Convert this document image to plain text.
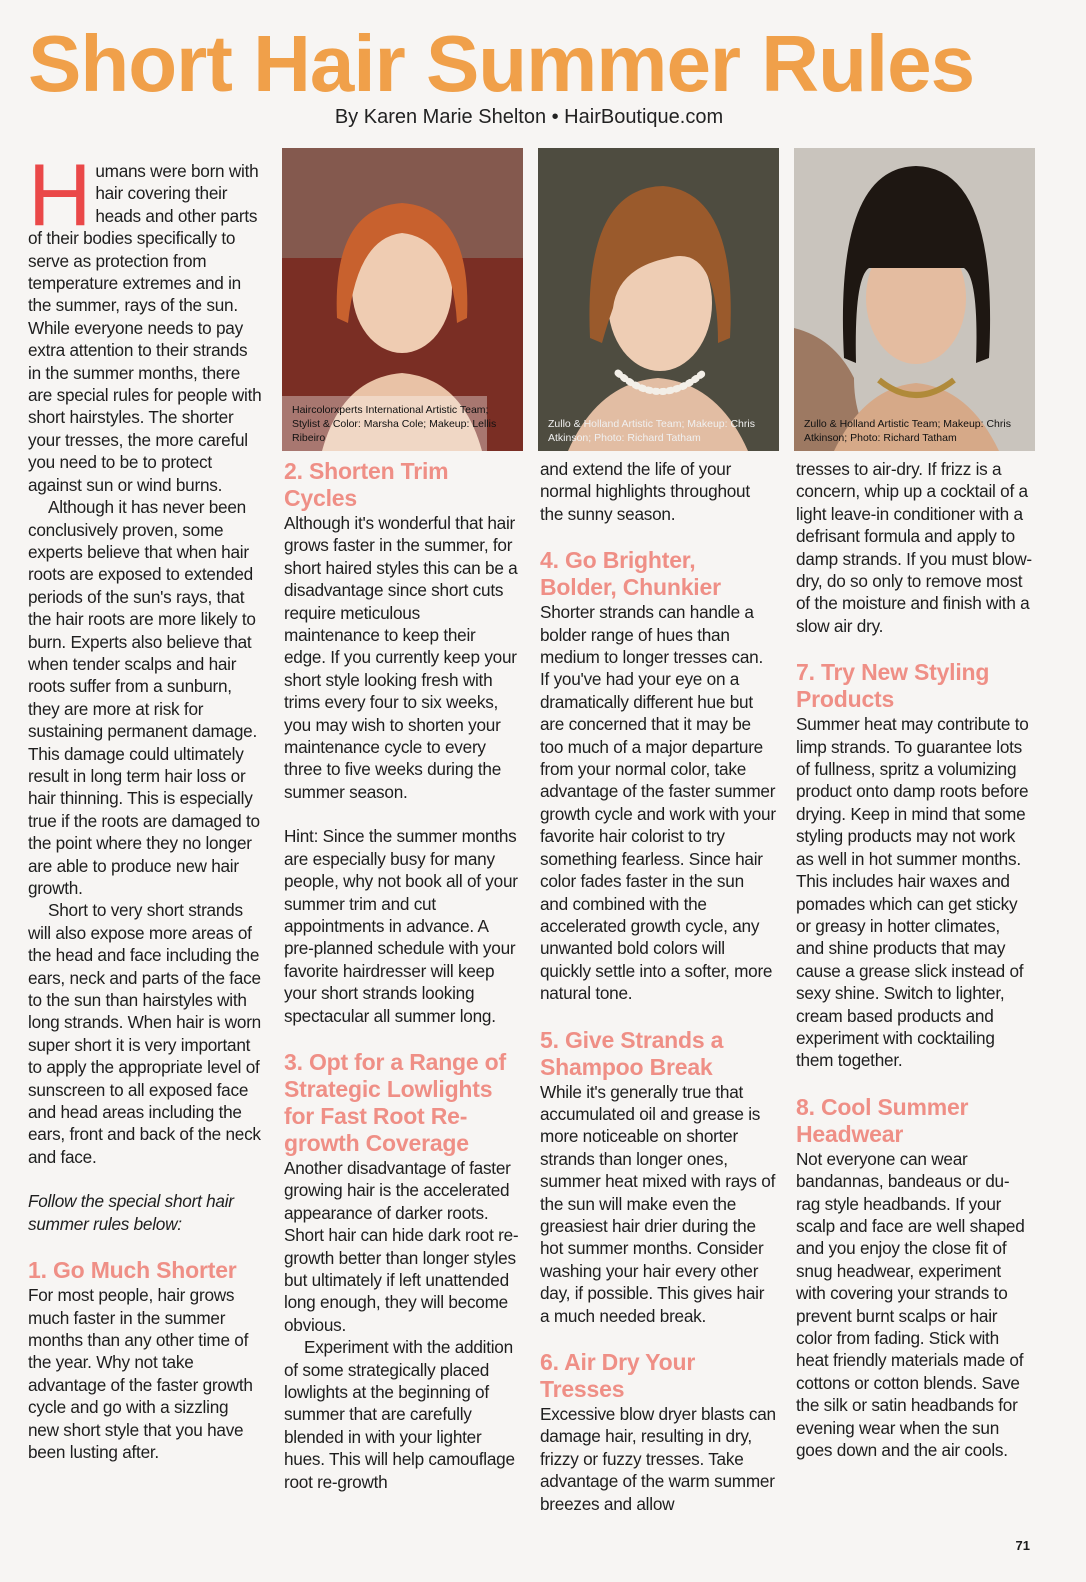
Short Hair Summer Rules

By Karen Marie Shelton • HairBoutique.com

Humans were born with hair covering their heads and other parts of their bodies specifically to serve as protection from temperature extremes and in the summer, rays of the sun. While everyone needs to pay extra attention to their strands in the summer months, there are special rules for people with short hairstyles. The shorter your tresses, the more careful you need to be to protect against sun or wind burns.

Although it has never been conclusively proven, some experts believe that when hair roots are exposed to extended periods of the sun's rays, that the hair roots are more likely to burn. Experts also believe that when tender scalps and hair roots suffer from a sunburn, they are more at risk for sustaining permanent damage. This damage could ultimately result in long term hair loss or hair thinning. This is especially true if the roots are damaged to the point where they no longer are able to produce new hair growth.

Short to very short strands will also expose more areas of the head and face including the ears, neck and parts of the face to the sun than hairstyles with long strands. When hair is worn super short it is very important to apply the appropriate level of sunscreen to all exposed face and head areas including the ears, front and back of the neck and face.

Follow the special short hair summer rules below:

1. Go Much Shorter

For most people, hair grows much faster in the summer months than any other time of the year. Why not take advantage of the faster growth cycle and go with a sizzling new short style that you have been lusting after.

Haircolorxperts International Artistic Team; Stylist & Color: Marsha Cole; Makeup: Lellis Ribeiro
Zullo & Holland Artistic Team; Makeup: Chris Atkinson; Photo: Richard Tatham
Zullo & Holland Artistic Team; Makeup: Chris Atkinson; Photo: Richard Tatham
2. Shorten Trim Cycles

Although it's wonderful that hair grows faster in the summer, for short haired styles this can be a disadvantage since short cuts require meticulous maintenance to keep their edge. If you currently keep your short style looking fresh with trims every four to six weeks, you may wish to shorten your maintenance cycle to every three to five weeks during the summer season.

Hint: Since the summer months are especially busy for many people, why not book all of your summer trim and cut appointments in advance. A pre-planned schedule with your favorite hairdresser will keep your short strands looking spectacular all summer long.

3. Opt for a Range of Strategic Lowlights for Fast Root Re-growth Coverage

Another disadvantage of faster growing hair is the accelerated appearance of darker roots. Short hair can hide dark root re-growth better than longer styles but ultimately if left unattended long enough, they will become obvious.

Experiment with the addition of some strategically placed lowlights at the beginning of summer that are carefully blended in with your lighter hues. This will help camouflage root re-growth

and extend the life of your normal highlights throughout the sunny season.

4. Go Brighter, Bolder, Chunkier

Shorter strands can handle a bolder range of hues than medium to longer tresses can. If you've had your eye on a dramatically different hue but are concerned that it may be too much of a major departure from your normal color, take advantage of the faster summer growth cycle and work with your favorite hair colorist to try something fearless. Since hair color fades faster in the sun and combined with the accelerated growth cycle, any unwanted bold colors will quickly settle into a softer, more natural tone.

5. Give Strands a Shampoo Break

While it's generally true that accumulated oil and grease is more noticeable on shorter strands than longer ones, summer heat mixed with rays of the sun will make even the greasiest hair drier during the hot summer months. Consider washing your hair every other day, if possible. This gives hair a much needed break.

6. Air Dry Your Tresses

Excessive blow dryer blasts can damage hair, resulting in dry, frizzy or fuzzy tresses. Take advantage of the warm summer breezes and allow

tresses to air-dry. If frizz is a concern, whip up a cocktail of a light leave-in conditioner with a defrisant formula and apply to damp strands. If you must blow-dry, do so only to remove most of the moisture and finish with a slow air dry.

7. Try New Styling Products

Summer heat may contribute to limp strands. To guarantee lots of fullness, spritz a volumizing product onto damp roots before drying. Keep in mind that some styling products may not work as well in hot summer months. This includes hair waxes and pomades which can get sticky or greasy in hotter climates, and shine products that may cause a grease slick instead of sexy shine. Switch to lighter, cream based products and experiment with cocktailing them together.

8. Cool Summer Headwear

Not everyone can wear bandannas, bandeaus or du-rag style headbands. If your scalp and face are well shaped and you enjoy the close fit of snug headwear, experiment with covering your strands to prevent burnt scalps or hair color from fading. Stick with heat friendly materials made of cottons or cotton blends. Save the silk or satin headbands for evening wear when the sun goes down and the air cools.

71
